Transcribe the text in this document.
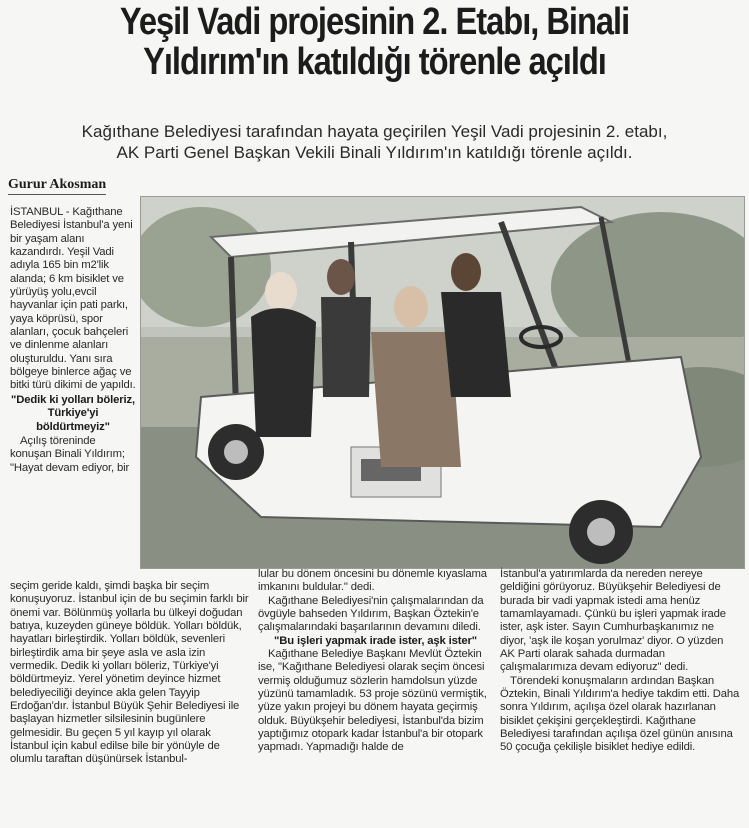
Yeşil Vadi projesinin 2. Etabı, Binali
Yıldırım'ın katıldığı törenle açıldı
Kağıthane Belediyesi tarafından hayata geçirilen Yeşil Vadi projesinin 2. etabı,
AK Parti Genel Başkan Vekili Binali Yıldırım'ın katıldığı törenle açıldı.
Gurur Akosman

İSTANBUL - Kağıthane Belediyesi İstanbul'a yeni bir yaşam alanı kazandırdı. Yeşil Vadi adıyla 165 bin m2'lik alanda; 6 km bisiklet ve yürüyüş yolu,evcil hayvanlar için pati parkı, yaya köprüsü, spor alanları, çocuk bahçeleri ve dinlenme alanları oluşturuldu. Yanı sıra bölgeye binlerce ağaç ve bitki türü dikimi de yapıldı.

"Dedik ki yolları böleriz, Türkiye'yi böldürtmeyiz"

Açılış töreninde konuşan Binali Yıldırım; "Hayat devam ediyor, bir

seçim geride kaldı, şimdi başka bir seçim konuşuyoruz. İstanbul için de bu seçimin farklı bir önemi var. Bölünmüş yollarla bu ülkeyi doğudan batıya, kuzeyden güneye böldük. Yolları böldük, hayatları birleştirdik. Yolları böldük, sevenleri birleştirdik ama bir şeye asla ve asla izin vermedik. Dedik ki yolları böleriz, Türkiye'yi böldürtmeyiz. Yerel yönetim deyince hizmet belediyeciliği deyince akla gelen Tayyip Erdoğan'dır. İstanbul Büyük Şehir Belediyesi ile başlayan hizmetler silsilesinin bugünlere gelmesidir. Bu geçen 5 yıl kayıp yıl olarak İstanbul için kabul edilse bile bir yönüyle de olumlu taraftan düşünürsek İstanbul-

lular bu dönem öncesini bu dönemle kıyaslama imkanını buldular." dedi.

Kağıthane Belediyesi'nin çalışmalarından da övgüyle bahseden Yıldırım, Başkan Öztekin'e çalışmalarındaki başarılarının devamını diledi.

"Bu işleri yapmak irade ister, aşk ister"

Kağıthane Belediye Başkanı Mevlüt Öztekin ise, "Kağıthane Belediyesi olarak seçim öncesi vermiş olduğumuz sözlerin hamdolsun yüzde yüzünü tamamladık. 53 proje sözünü vermiştik, yüze yakın projeyi bu dönem hayata geçirmiş olduk. Büyükşehir belediyesi, İstanbul'da bizim yaptığımız otopark kadar İstanbul'a bir otopark yapmadı. Yapmadığı halde de

İstanbul'a yatırımlarda da nereden nereye geldiğini görüyoruz. Büyükşehir Belediyesi de burada bir vadi yapmak istedi ama henüz tamamlayamadı. Çünkü bu işleri yapmak irade ister, aşk ister. Sayın Cumhurbaşkanımız ne diyor, 'aşk ile koşan yorulmaz' diyor. O yüzden AK Parti olarak sahada durmadan çalışmalarımıza devam ediyoruz" dedi.

Törendeki konuşmaların ardından Başkan Öztekin, Binali Yıldırım'a hediye takdim etti. Daha sonra Yıldırım, açılışa özel olarak hazırlanan bisiklet çekişini gerçekleştirdi. Kağıthane Belediyesi tarafından açılışa özel günün anısına 50 çocuğa çekilişle bisiklet hediye edildi.
